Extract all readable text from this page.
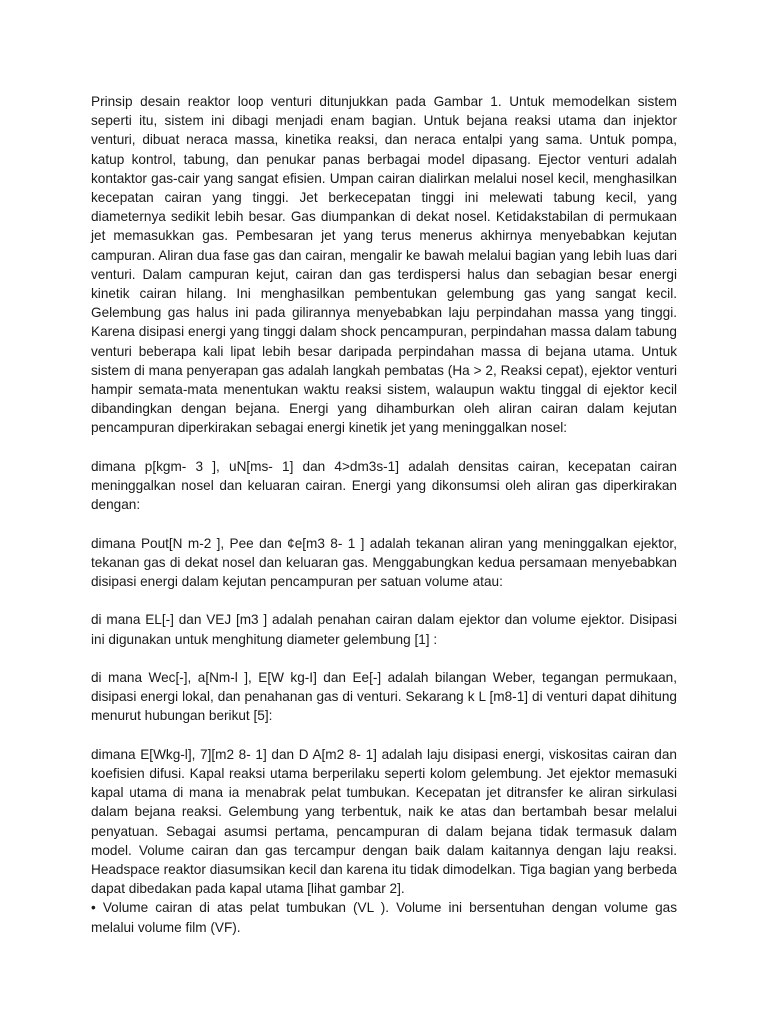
Prinsip desain reaktor loop venturi ditunjukkan pada Gambar 1. Untuk memodelkan sistem seperti itu, sistem ini dibagi menjadi enam bagian. Untuk bejana reaksi utama dan injektor venturi, dibuat neraca massa, kinetika reaksi, dan neraca entalpi yang sama. Untuk pompa, katup kontrol, tabung, dan penukar panas berbagai model dipasang. Ejector venturi adalah kontaktor gas-cair yang sangat efisien. Umpan cairan dialirkan melalui nosel kecil, menghasilkan kecepatan cairan yang tinggi. Jet berkecepatan tinggi ini melewati tabung kecil, yang diameternya sedikit lebih besar. Gas diumpankan di dekat nosel. Ketidakstabilan di permukaan jet memasukkan gas. Pembesaran jet yang terus menerus akhirnya menyebabkan kejutan campuran. Aliran dua fase gas dan cairan, mengalir ke bawah melalui bagian yang lebih luas dari venturi. Dalam campuran kejut, cairan dan gas terdispersi halus dan sebagian besar energi kinetik cairan hilang. Ini menghasilkan pembentukan gelembung gas yang sangat kecil. Gelembung gas halus ini pada gilirannya menyebabkan laju perpindahan massa yang tinggi. Karena disipasi energi yang tinggi dalam shock pencampuran, perpindahan massa dalam tabung venturi beberapa kali lipat lebih besar daripada perpindahan massa di bejana utama. Untuk sistem di mana penyerapan gas adalah langkah pembatas (Ha > 2, Reaksi cepat), ejektor venturi hampir semata-mata menentukan waktu reaksi sistem, walaupun waktu tinggal di ejektor kecil dibandingkan dengan bejana. Energi yang dihamburkan oleh aliran cairan dalam kejutan pencampuran diperkirakan sebagai energi kinetik jet yang meninggalkan nosel:

dimana p[kgm- 3 ], uN[ms- 1] dan 4>dm3s-1] adalah densitas cairan, kecepatan cairan meninggalkan nosel dan keluaran cairan. Energi yang dikonsumsi oleh aliran gas diperkirakan dengan:

dimana Pout[N m-2 ], Pee dan ¢e[m3 8- 1 ] adalah tekanan aliran yang meninggalkan ejektor, tekanan gas di dekat nosel dan keluaran gas. Menggabungkan kedua persamaan menyebabkan disipasi energi dalam kejutan pencampuran per satuan volume atau:

di mana EL[-] dan VEJ [m3 ] adalah penahan cairan dalam ejektor dan volume ejektor. Disipasi ini digunakan untuk menghitung diameter gelembung [1] :

di mana Wec[-], a[Nm-l ], E[W kg-I] dan Ee[-] adalah bilangan Weber, tegangan permukaan, disipasi energi lokal, dan penahanan gas di venturi. Sekarang k L [m8-1] di venturi dapat dihitung menurut hubungan berikut [5]:

dimana E[Wkg-l], 7][m2 8- 1] dan D A[m2 8- 1] adalah laju disipasi energi, viskositas cairan dan koefisien difusi. Kapal reaksi utama berperilaku seperti kolom gelembung. Jet ejektor memasuki kapal utama di mana ia menabrak pelat tumbukan. Kecepatan jet ditransfer ke aliran sirkulasi dalam bejana reaksi. Gelembung yang terbentuk, naik ke atas dan bertambah besar melalui penyatuan. Sebagai asumsi pertama, pencampuran di dalam bejana tidak termasuk dalam model. Volume cairan dan gas tercampur dengan baik dalam kaitannya dengan laju reaksi. Headspace reaktor diasumsikan kecil dan karena itu tidak dimodelkan. Tiga bagian yang berbeda dapat dibedakan pada kapal utama [lihat gambar 2].

• Volume cairan di atas pelat tumbukan (VL ). Volume ini bersentuhan dengan volume gas melalui volume film (VF).
